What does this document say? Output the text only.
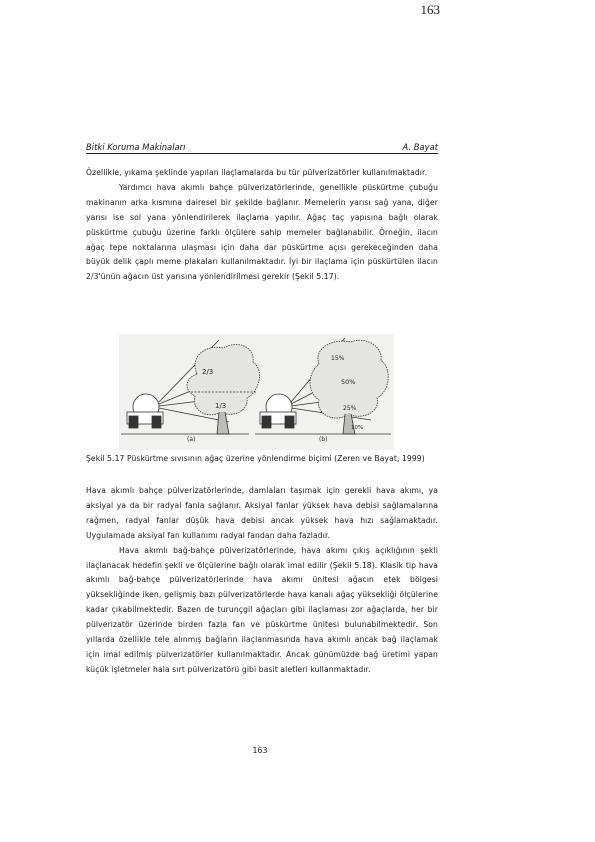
163
Bitki Koruma Makinaları	A. Bayat

Özellikle, yıkama şeklinde yapılan ilaçlamalarda bu tür pülverizatörler kullanılmaktadır.

Yardımcı hava akımlı bahçe pülverizatörlerinde, genellikle püskürtme çubuğu makinanın arka kısmına dairesel bir şekilde bağlanır. Memelerin yarısı sağ yana, diğer yarısı ise sol yana yönlendirilerek ilaçlama yapılır. Ağaç taç yapısına bağlı olarak püskürtme çubuğu üzerine farklı ölçülere sahip memeler bağlanabilir. Örneğin, ilacın ağaç tepe noktalarına ulaşması için daha dar püskürtme açısı gerekeceğinden daha büyük delik çaplı meme plakaları kullanılmaktadır. İyi bir ilaçlama için püskürtülen ilacın 2/3'ünün ağacın üst yarısına yönlendirilmesi gerekir (Şekil 5.17).

2/3
1/3
(a)
15%
50%
25%
10%
(b)
Şekil 5.17 Püskürtme sıvısının ağaç üzerine yönlendirme biçimi (Zeren ve Bayat, 1999)

Hava akımlı bahçe pülverizatörlerinde, damlaları taşımak için gerekli hava akımı, ya aksiyal ya da bir radyal fanla sağlanır. Aksiyal fanlar yüksek hava debisi sağlamalarına rağmen, radyal fanlar düşük hava debisi ancak yüksek hava hızı sağlamaktadır. Uygulamada aksiyal fan kullanımı radyal fandan daha fazladır.

Hava akımlı bağ-bahçe pülverizatörlerinde, hava akımı çıkış açıklığının şekli ilaçlanacak hedefin şekli ve ölçülerine bağlı olarak imal edilir (Şekil 5.18). Klasik tip hava akımlı bağ-bahçe pülverizatörlerinde hava akımı ünitesi ağacın etek bölgesi yüksekliğinde iken, gelişmiş bazı pülverizatörlerde hava kanalı ağaç yüksekliği ölçülerine kadar çıkabilmektedir. Bazen de turunçgil ağaçları gibi ilaçlaması zor ağaçlarda, her bir pülverizatör üzerinde birden fazla fan ve püskürtme ünitesi bulunabilmektedir. Son yıllarda özellikle tele alınmış bağların ilaçlanmasında hava akımlı ancak bağ ilaçlamak için imal edilmiş pülverizatörler kullanılmaktadır. Ancak günümüzde bağ üretimi yapan küçük işletmeler hala sırt pülverizatörü gibi basit aletleri kullanmaktadır.

163
